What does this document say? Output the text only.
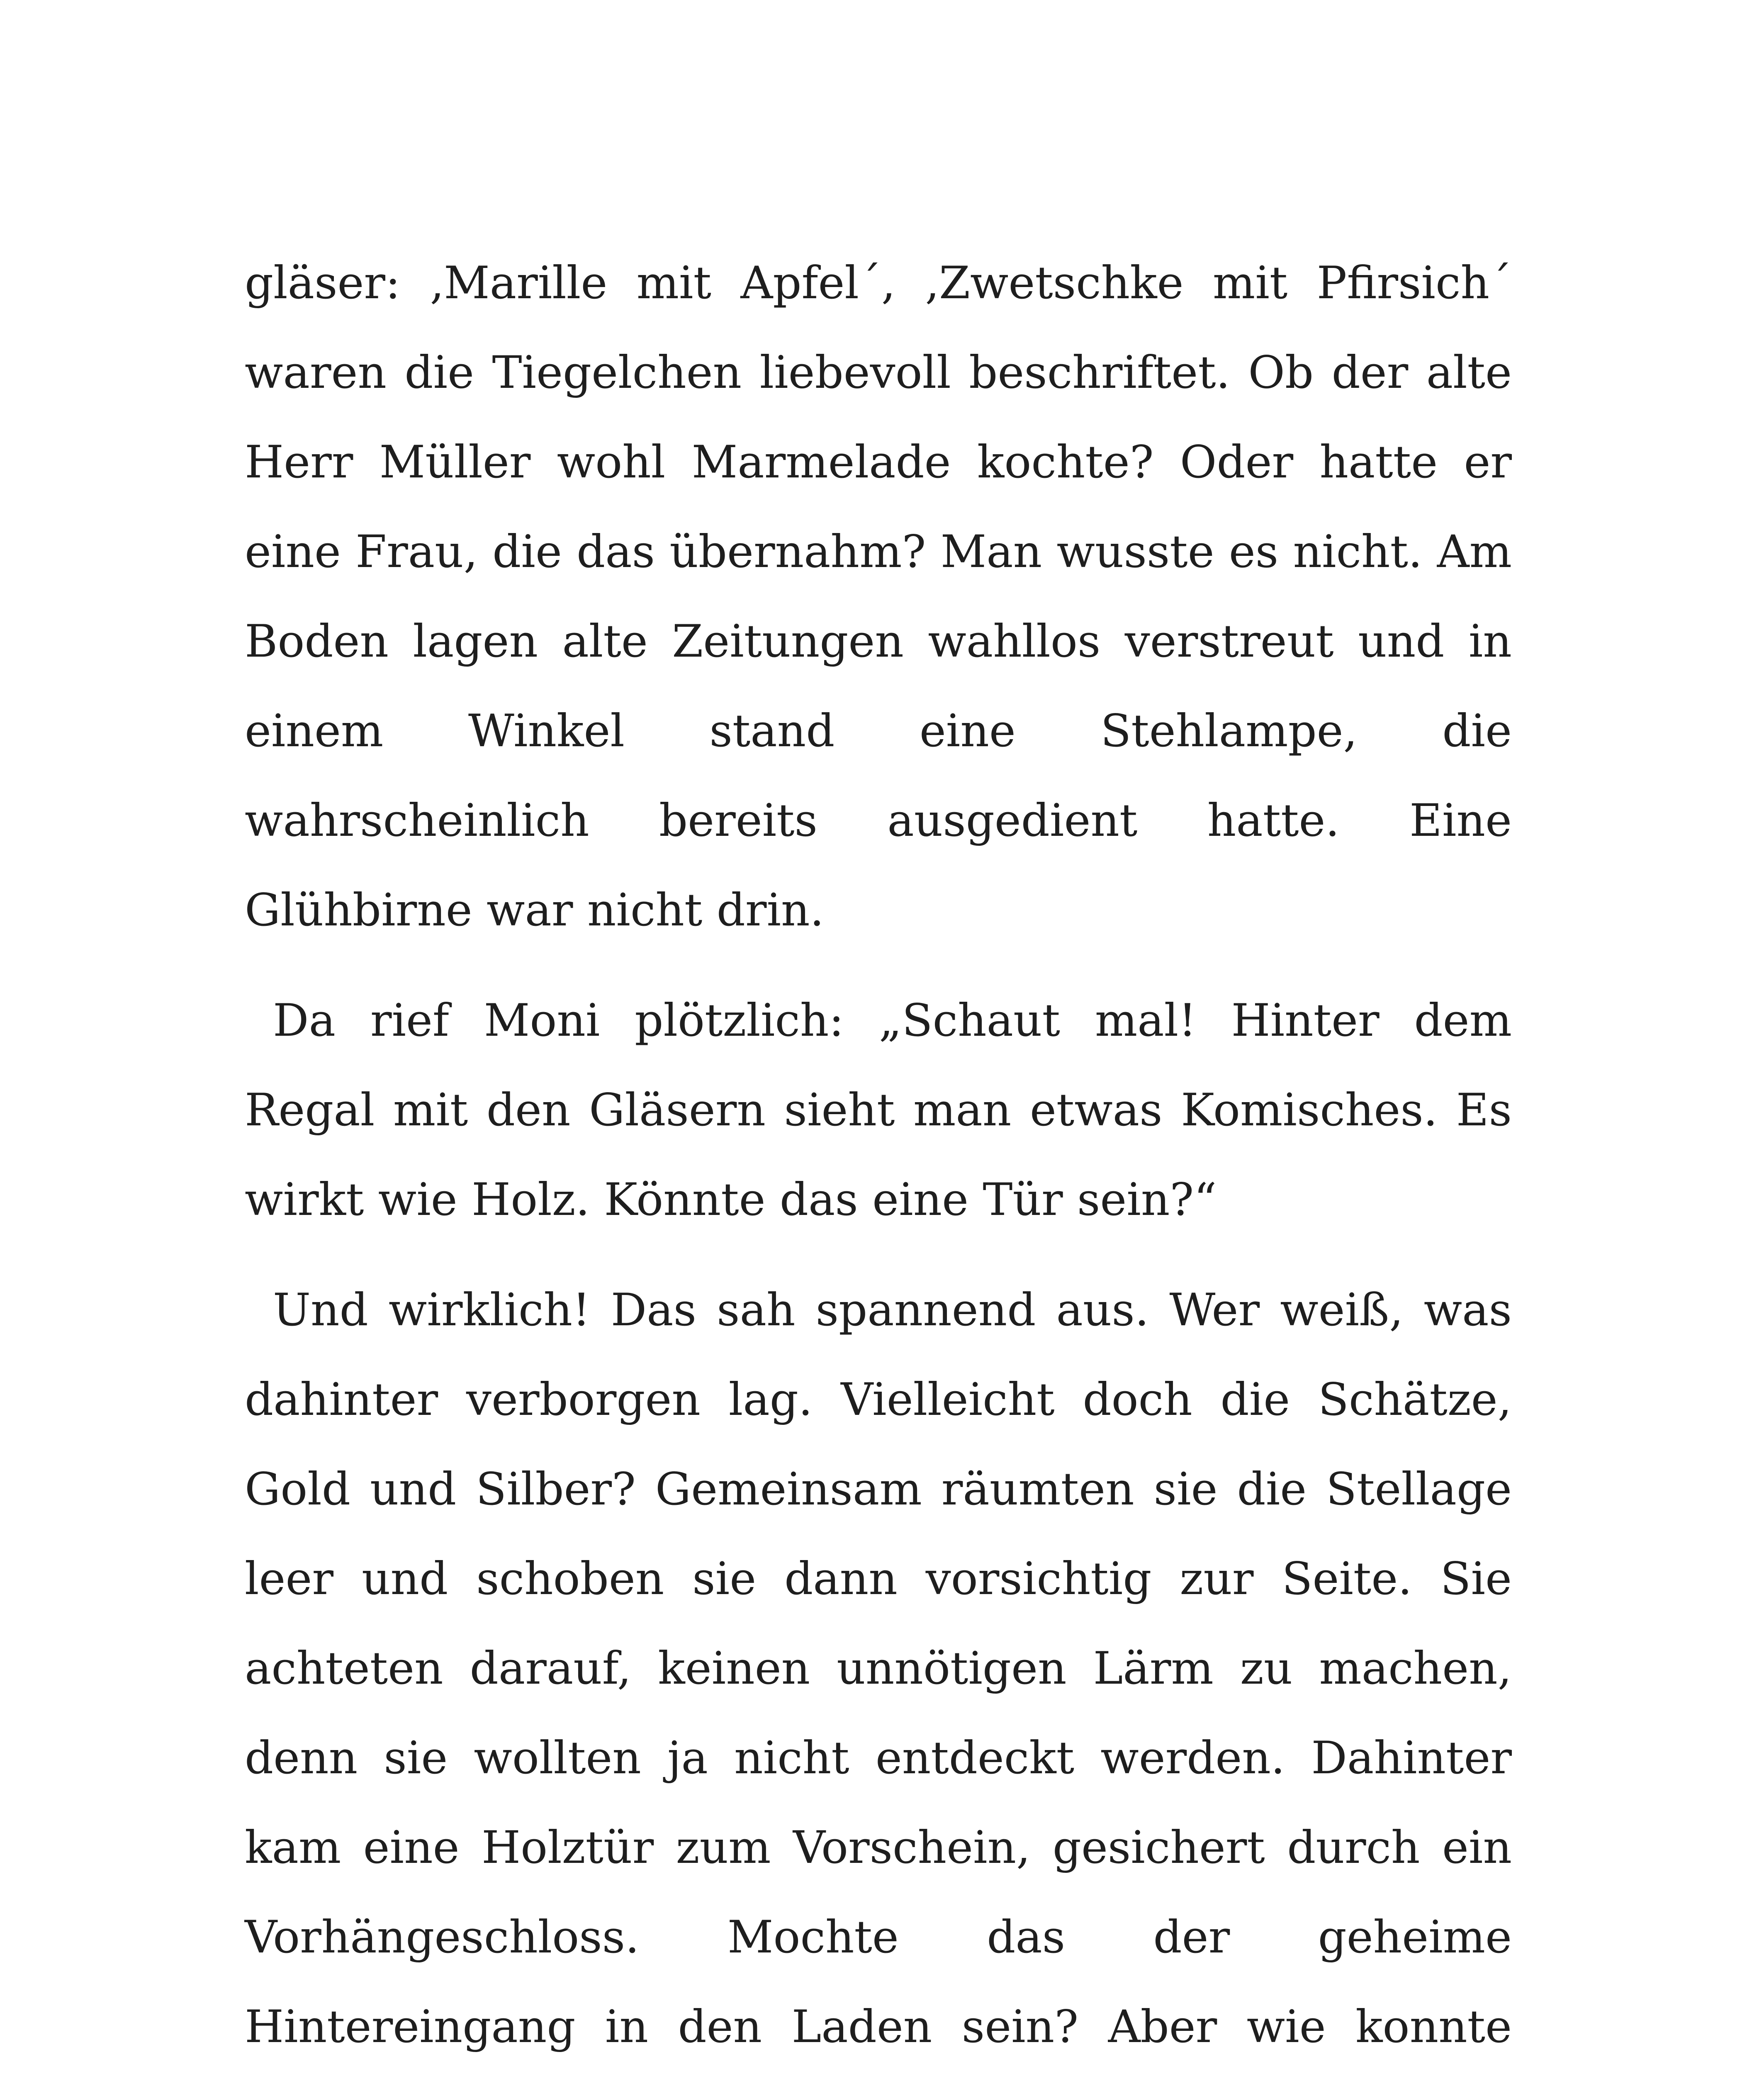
gläser: ‚Marille mit Apfel´, ‚Zwetschke mit Pfirsich´ waren die Tiegelchen liebevoll beschriftet. Ob der alte Herr Müller wohl Marmelade kochte? Oder hatte er eine Frau, die das übernahm? Man wusste es nicht. Am Boden lagen alte Zeitungen wahllos verstreut und in einem Winkel stand eine Stehlampe, die wahrscheinlich bereits ausgedient hatte. Eine Glühbirne war nicht drin.

Da rief Moni plötzlich: „Schaut mal! Hinter dem Regal mit den Gläsern sieht man etwas Komisches. Es wirkt wie Holz. Könnte das eine Tür sein?“

Und wirklich! Das sah spannend aus. Wer weiß, was dahinter verborgen lag. Vielleicht doch die Schätze, Gold und Silber? Gemeinsam räumten sie die Stellage leer und schoben sie dann vorsichtig zur Seite. Sie achteten darauf, keinen unnötigen Lärm zu machen, denn sie wollten ja nicht entdeckt werden. Dahinter kam eine Holztür zum Vorschein, gesichert durch ein Vorhängeschloss. Mochte das der geheime Hintereingang in den Laden sein? Aber wie konnte
